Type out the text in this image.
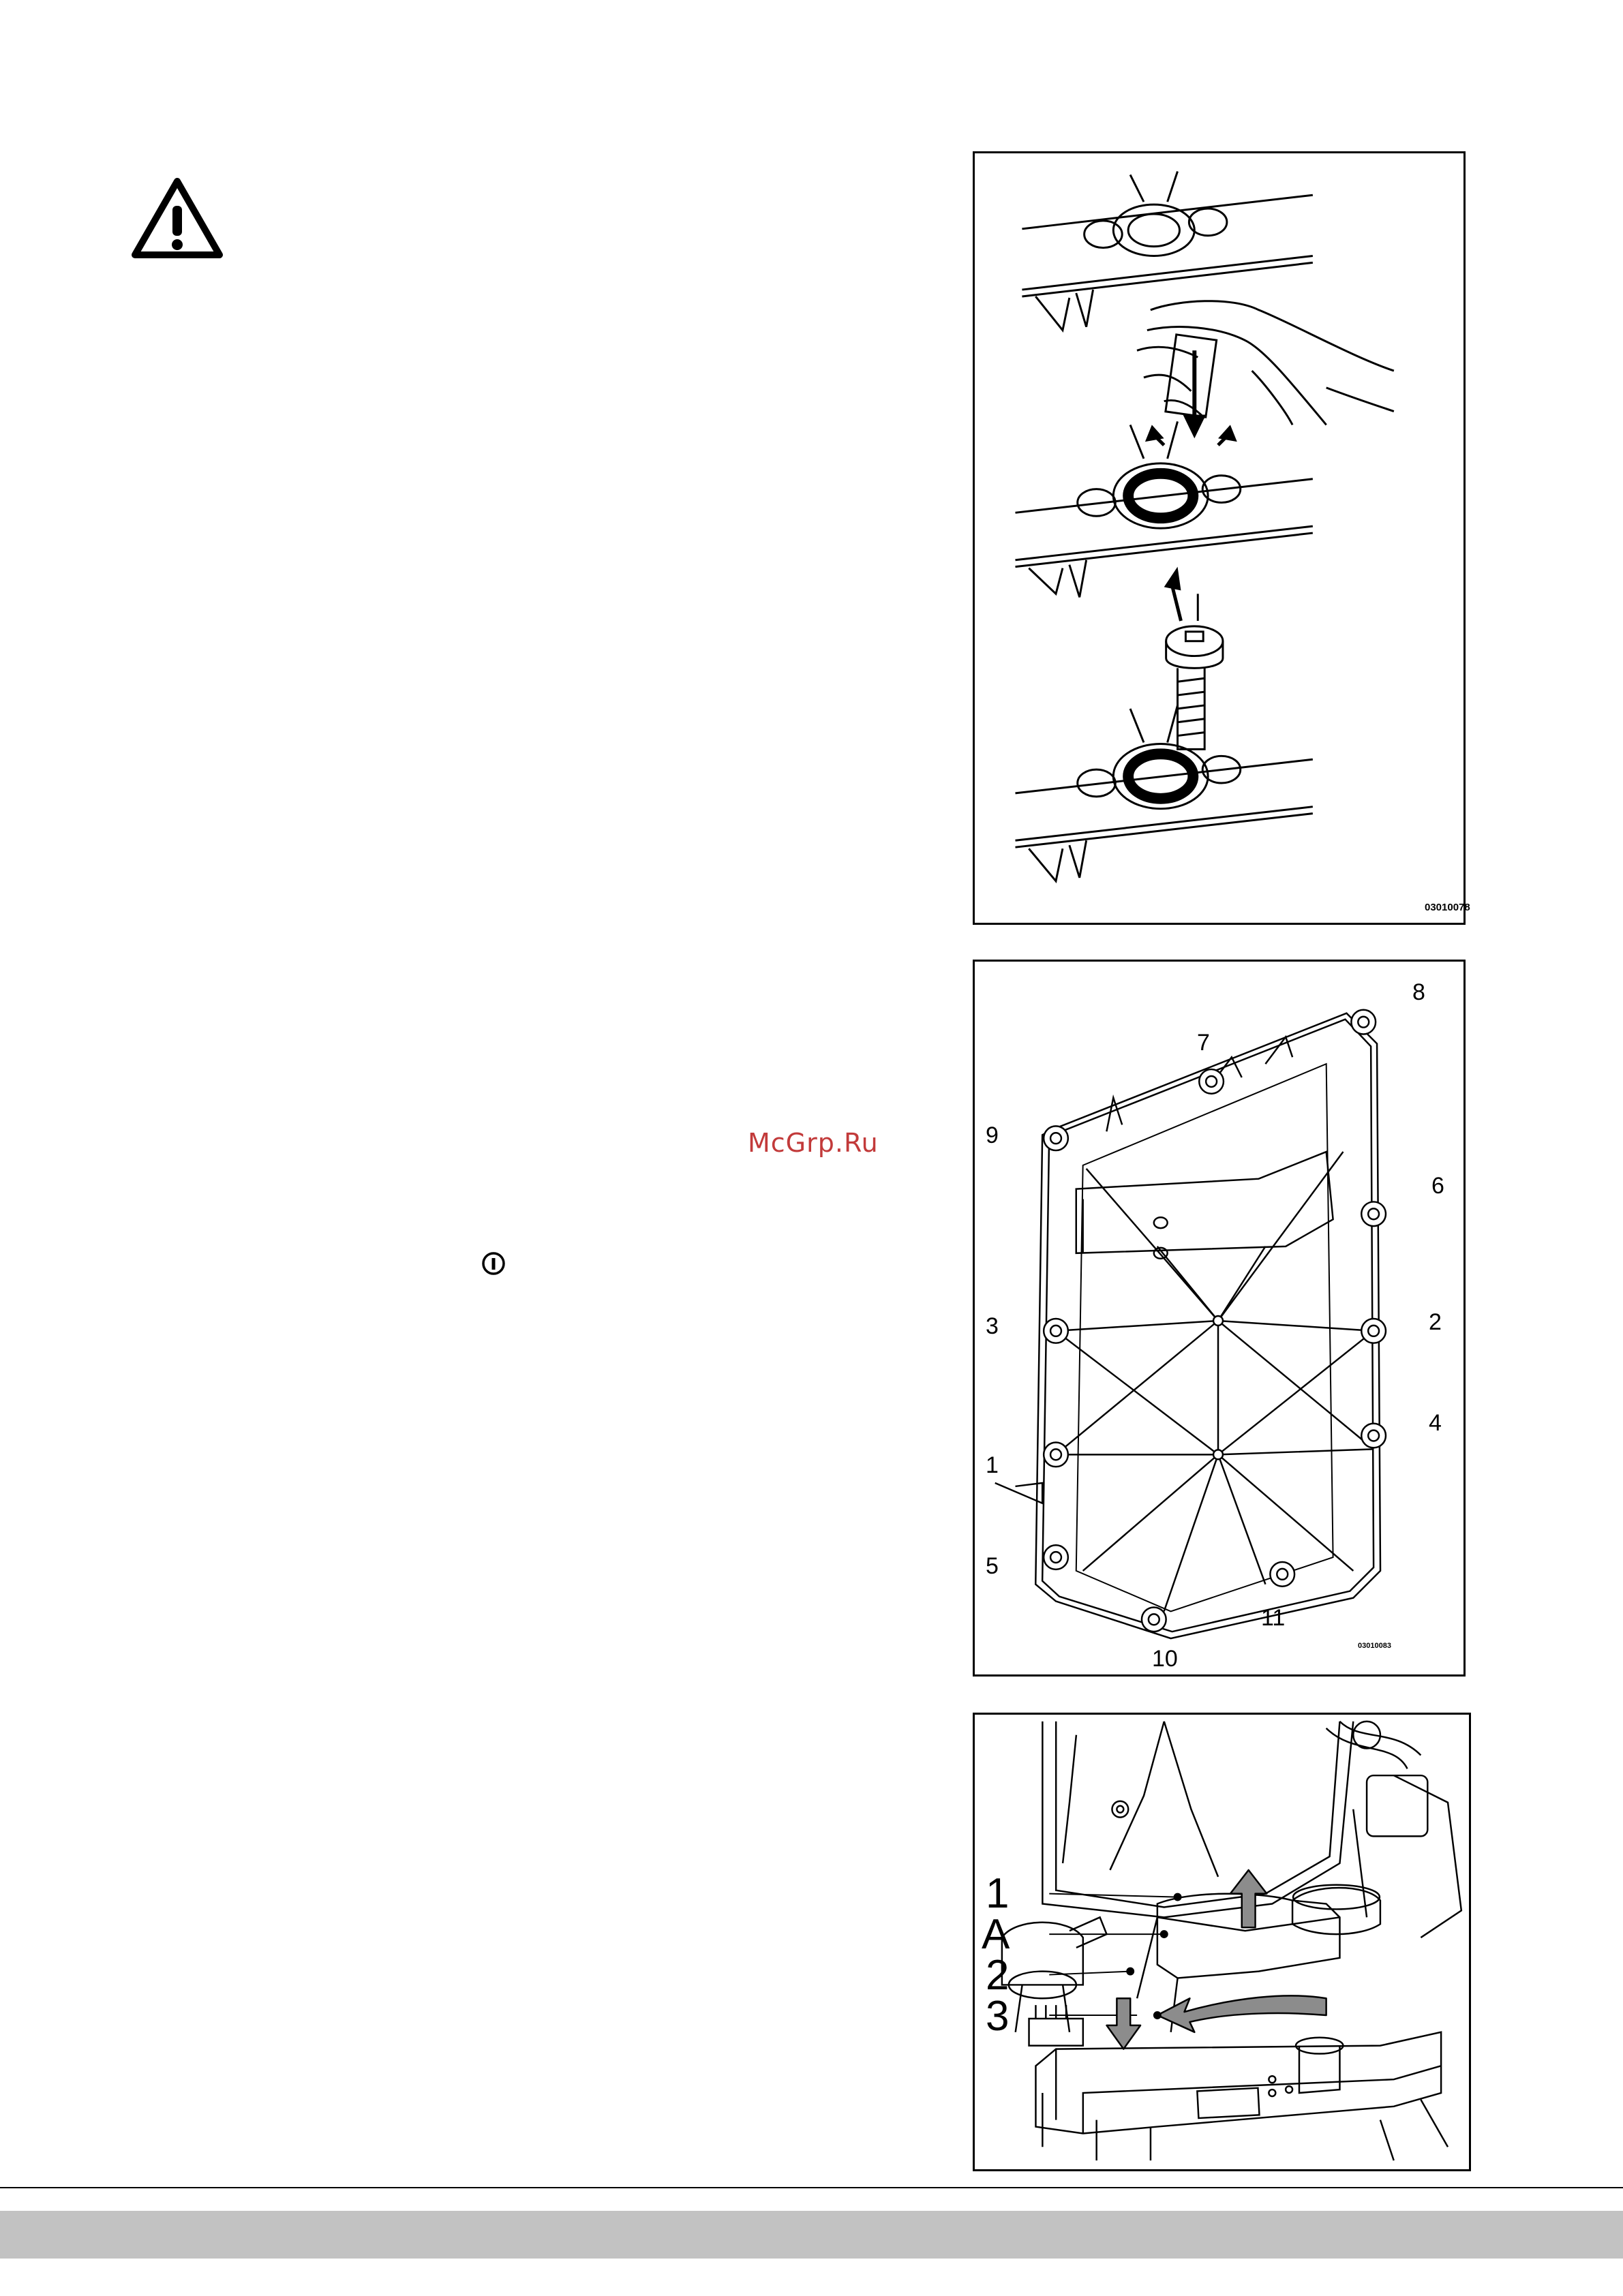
McGrp.Ru
03010078
8
7
9
6
3	2
4
1
5
11
10	03010083
1
A
2
3
